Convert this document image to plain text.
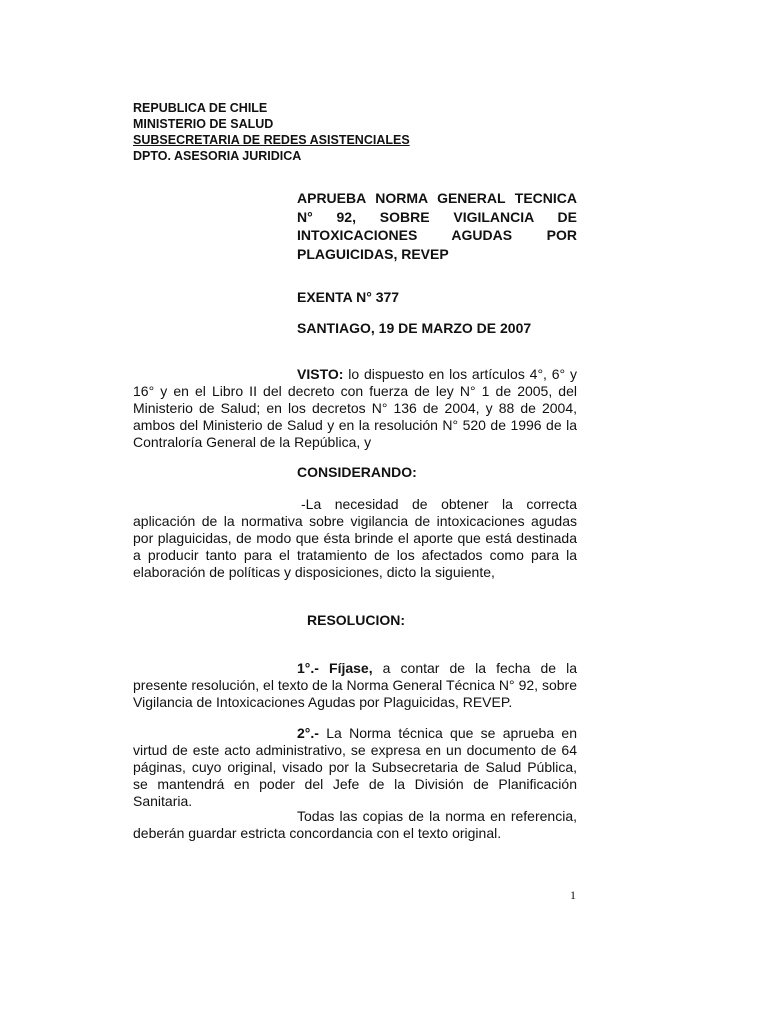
REPUBLICA DE CHILE
MINISTERIO DE SALUD
SUBSECRETARIA DE REDES ASISTENCIALES
DPTO. ASESORIA JURIDICA
APRUEBA NORMA GENERAL TECNICA N° 92, SOBRE VIGILANCIA DE INTOXICACIONES AGUDAS POR PLAGUICIDAS, REVEP
EXENTA N° 377
SANTIAGO, 19 DE MARZO DE 2007
VISTO: lo dispuesto en los artículos 4°, 6° y 16° y en el Libro II del decreto con fuerza de ley N° 1 de 2005, del Ministerio de Salud; en los decretos N° 136 de 2004, y 88 de 2004, ambos del Ministerio de Salud y en la resolución N° 520 de 1996 de la Contraloría General de la República, y
CONSIDERANDO:
-La necesidad de obtener la correcta aplicación de la normativa sobre vigilancia de intoxicaciones agudas por plaguicidas, de modo que ésta brinde el aporte que está destinada a producir tanto para el tratamiento de los afectados como para la elaboración de políticas y disposiciones, dicto la siguiente,
RESOLUCION:
1°.- Fíjase, a contar de la fecha de la presente resolución, el texto de la Norma General Técnica N° 92, sobre Vigilancia de Intoxicaciones Agudas por Plaguicidas, REVEP.
2°.- La Norma técnica que se aprueba en virtud de este acto administrativo, se expresa en un documento de 64 páginas, cuyo original, visado por la Subsecretaria de Salud Pública, se mantendrá en poder del Jefe de la División de Planificación Sanitaria.
Todas las copias de la norma en referencia, deberán guardar estricta concordancia con el texto original.
1
